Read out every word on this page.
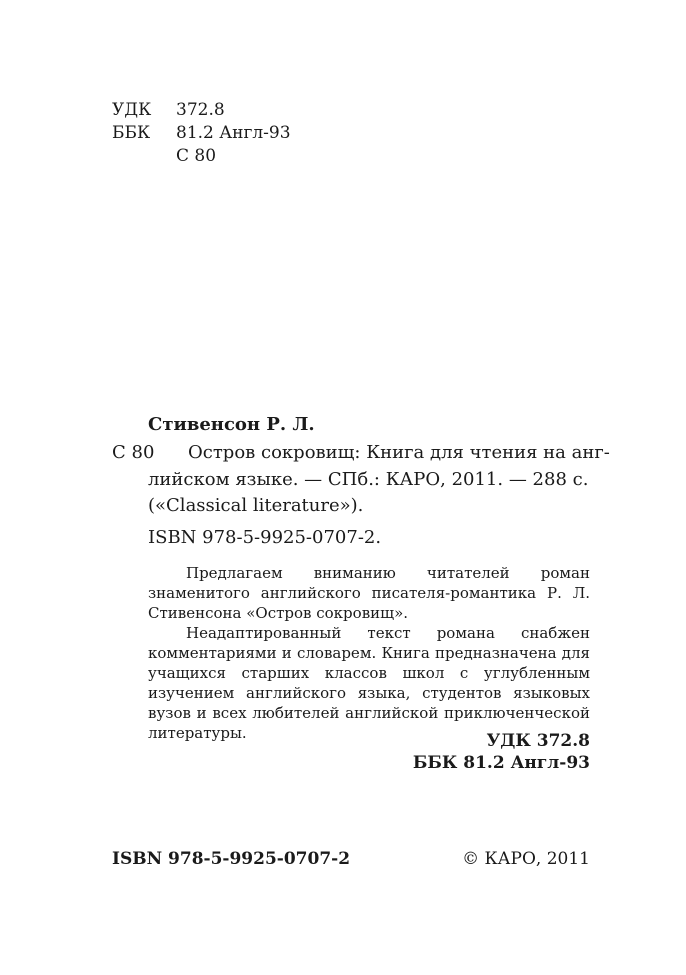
УДК 372.8
ББК 81.2 Англ-93
С 80
Стивенсон Р. Л.
С 80 Остров сокровищ: Книга для чтения на анг-
лийском языке. — СПб.: КАРО, 2011. — 288 с.
(«Classical literature»).
ISBN 978-5-9925-0707-2.

Предлагаем вниманию читателей роман знаменитого английского писателя-романтика Р. Л. Стивенсона «Остров сокровищ».

Неадаптированный текст романа снабжен комментариями и словарем. Книга предназначена для учащихся старших классов школ с углубленным изучением английского языка, студентов языковых вузов и всех любителей английской приключенческой литературы.	УДК 372.8
ББК 81.2 Англ-93
ISBN 978-5-9925-0707-2	© КАРО, 2011
